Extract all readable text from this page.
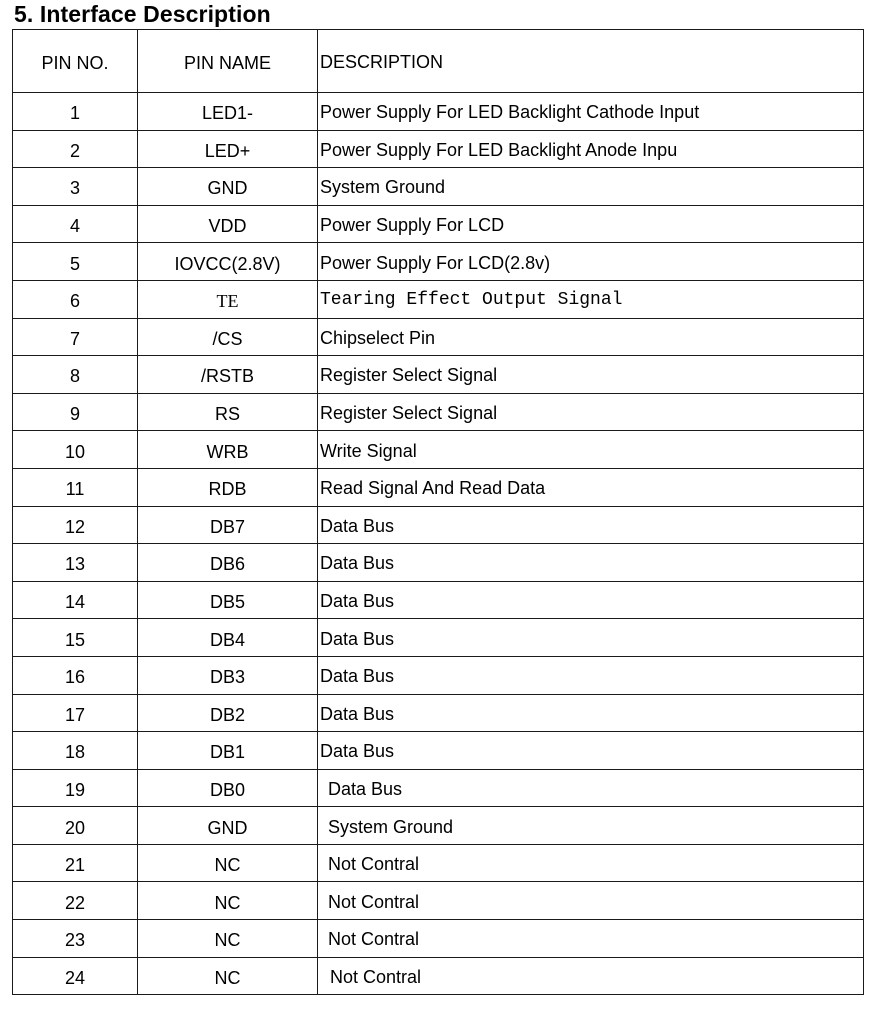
5. Interface Description
PIN NO.	PIN NAME	DESCRIPTION
1	LED1-	Power Supply For LED Backlight Cathode Input
2	LED+	Power Supply For LED Backlight Anode Inpu
3	GND	System Ground
4	VDD	Power Supply For LCD
5	IOVCC(2.8V)	Power Supply For LCD(2.8v)
6	TE	Tearing Effect Output Signal
7	/CS	Chipselect Pin
8	/RSTB	Register Select Signal
9	RS	Register Select Signal
10	WRB	Write Signal
11	RDB	Read Signal And Read Data
12	DB7	Data Bus
13	DB6	Data Bus
14	DB5	Data Bus
15	DB4	Data Bus
16	DB3	Data Bus
17	DB2	Data Bus
18	DB1	Data Bus
19	DB0	Data Bus
20	GND	System Ground
21	NC	Not Contral
22	NC	Not Contral
23	NC	Not Contral
24	NC	Not Contral
